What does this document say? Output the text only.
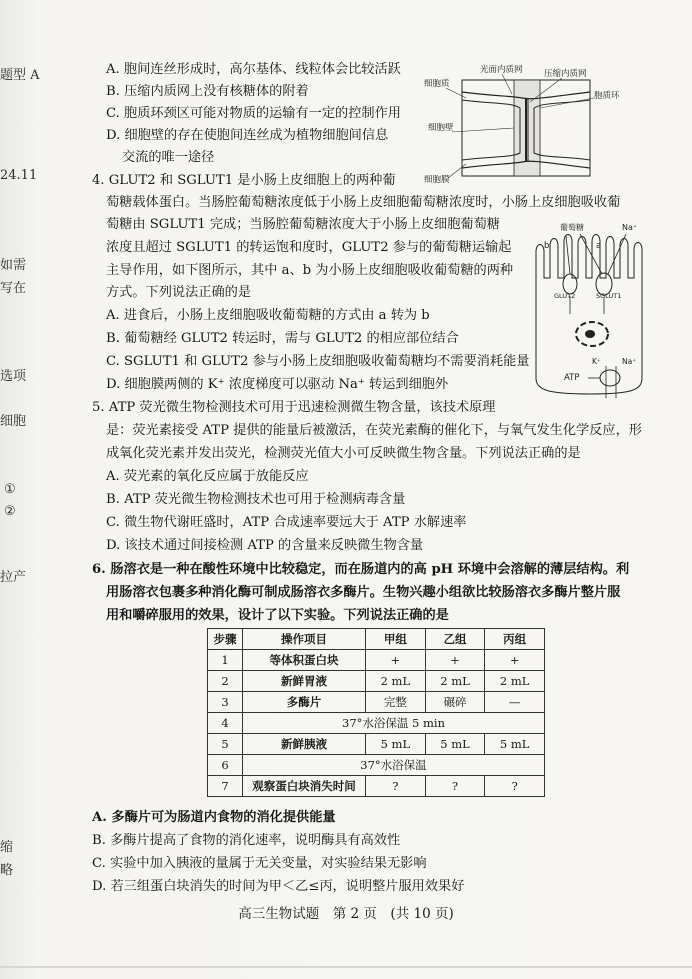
题型 A
24.11
如需
写在
选项
细胞
①
②
拉产
缩
略
A. 胞间连丝形成时，高尔基体、线粒体会比较活跃
B. 压缩内质网上没有核糖体的附着
C. 胞质环颈区可能对物质的运输有一定的控制作用
D. 细胞壁的存在使胞间连丝成为植物细胞间信息
交流的唯一途径
光面内质网	压缩内质网
细胞质
细胞壁
胞质环
细胞膜
4. GLUT2 和 SGLUT1 是小肠上皮细胞上的两种葡
萄糖载体蛋白。当肠腔葡萄糖浓度低于小肠上皮细胞葡萄糖浓度时，小肠上皮细胞吸收葡
萄糖由 SGLUT1 完成；当肠腔葡萄糖浓度大于小肠上皮细胞葡萄糖
浓度且超过 SGLUT1 的转运饱和度时，GLUT2 参与的葡萄糖运输起
主导作用，如下图所示，其中 a、b 为小肠上皮细胞吸收葡萄糖的两种
方式。下列说法正确的是
A. 进食后，小肠上皮细胞吸收葡萄糖的方式由 a 转为 b
B. 葡萄糖经 GLUT2 转运时，需与 GLUT2 的相应部位结合
C. SGLUT1 和 GLUT2 参与小肠上皮细胞吸收葡萄糖均不需要消耗能量
D. 细胞膜两侧的 K⁺ 浓度梯度可以驱动 Na⁺ 转运到细胞外
葡萄糖	Na⁺
b	a
GLUT2	SGLUT1
K⁺	Na⁺
ATP
5. ATP 荧光微生物检测技术可用于迅速检测微生物含量，该技术原理
是：荧光素接受 ATP 提供的能量后被激活，在荧光素酶的催化下，与氧气发生化学反应，形
成氧化荧光素并发出荧光，检测荧光值大小可反映微生物含量。下列说法正确的是
A. 荧光素的氧化反应属于放能反应
B. ATP 荧光微生物检测技术也可用于检测病毒含量
C. 微生物代谢旺盛时，ATP 合成速率要远大于 ATP 水解速率
D. 该技术通过间接检测 ATP 的含量来反映微生物含量
6. 肠溶衣是一种在酸性环境中比较稳定，而在肠道内的高 pH 环境中会溶解的薄层结构。利
用肠溶衣包裹多种消化酶可制成肠溶衣多酶片。生物兴趣小组欲比较肠溶衣多酶片整片服
用和嚼碎服用的效果，设计了以下实验。下列说法正确的是
步骤	操作项目	甲组	乙组	丙组
1	等体积蛋白块	+	+	+
2	新鲜胃液	2 mL	2 mL	2 mL
3	多酶片	完整	碾碎	—
4	37°水浴保温 5 min			
5	新鲜胰液	5 mL	5 mL	5 mL
6	37°水浴保温			
7	观察蛋白块消失时间	?	?	?
A. 多酶片可为肠道内食物的消化提供能量
B. 多酶片提高了食物的消化速率，说明酶具有高效性
C. 实验中加入胰液的量属于无关变量，对实验结果无影响
D. 若三组蛋白块消失的时间为甲＜乙≤丙，说明整片服用效果好
高三生物试题　第 2 页　(共 10 页)
